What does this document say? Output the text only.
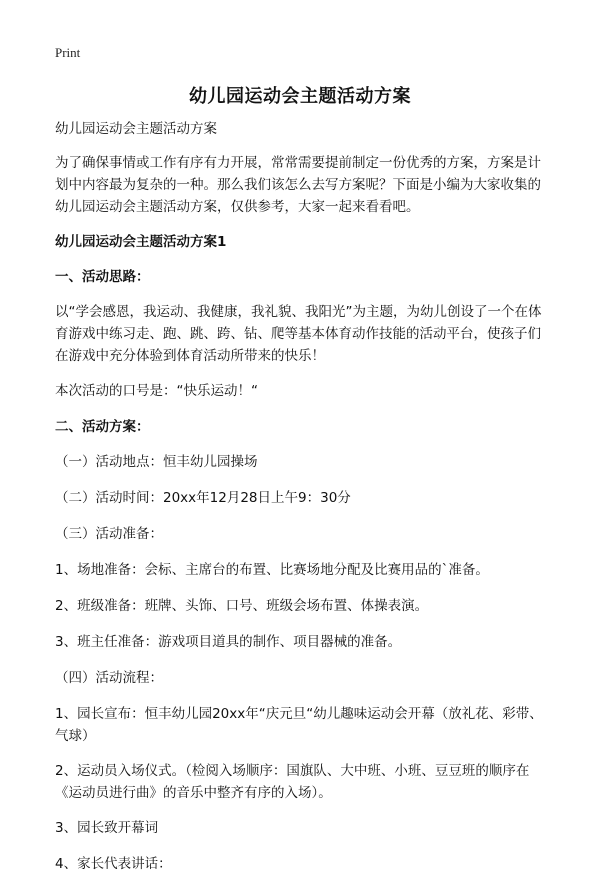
Print
幼儿园运动会主题活动方案

幼儿园运动会主题活动方案

为了确保事情或工作有序有力开展，常常需要提前制定一份优秀的方案，方案是计划中内容最为复杂的一种。那么我们该怎么去写方案呢？下面是小编为大家收集的幼儿园运动会主题活动方案，仅供参考，大家一起来看看吧。

幼儿园运动会主题活动方案1

一、活动思路：

以“学会感恩，我运动、我健康，我礼貌、我阳光”为主题，为幼儿创设了一个在体育游戏中练习走、跑、跳、跨、钻、爬等基本体育动作技能的活动平台，使孩子们在游戏中充分体验到体育活动所带来的快乐！

本次活动的口号是：“快乐运动！“

二、活动方案：

（一）活动地点：恒丰幼儿园操场

（二）活动时间：20xx年12月28日上午9：30分

（三）活动准备：

1、场地准备：会标、主席台的布置、比赛场地分配及比赛用品的`准备。

2、班级准备：班牌、头饰、口号、班级会场布置、体操表演。

3、班主任准备：游戏项目道具的制作、项目器械的准备。

（四）活动流程：

1、园长宣布：恒丰幼儿园20xx年“庆元旦“幼儿趣味运动会开幕（放礼花、彩带、气球）

2、运动员入场仪式。（检阅入场顺序：国旗队、大中班、小班、豆豆班的顺序在《运动员进行曲》的音乐中整齐有序的入场）。

3、园长致开幕词

4、家长代表讲话：
